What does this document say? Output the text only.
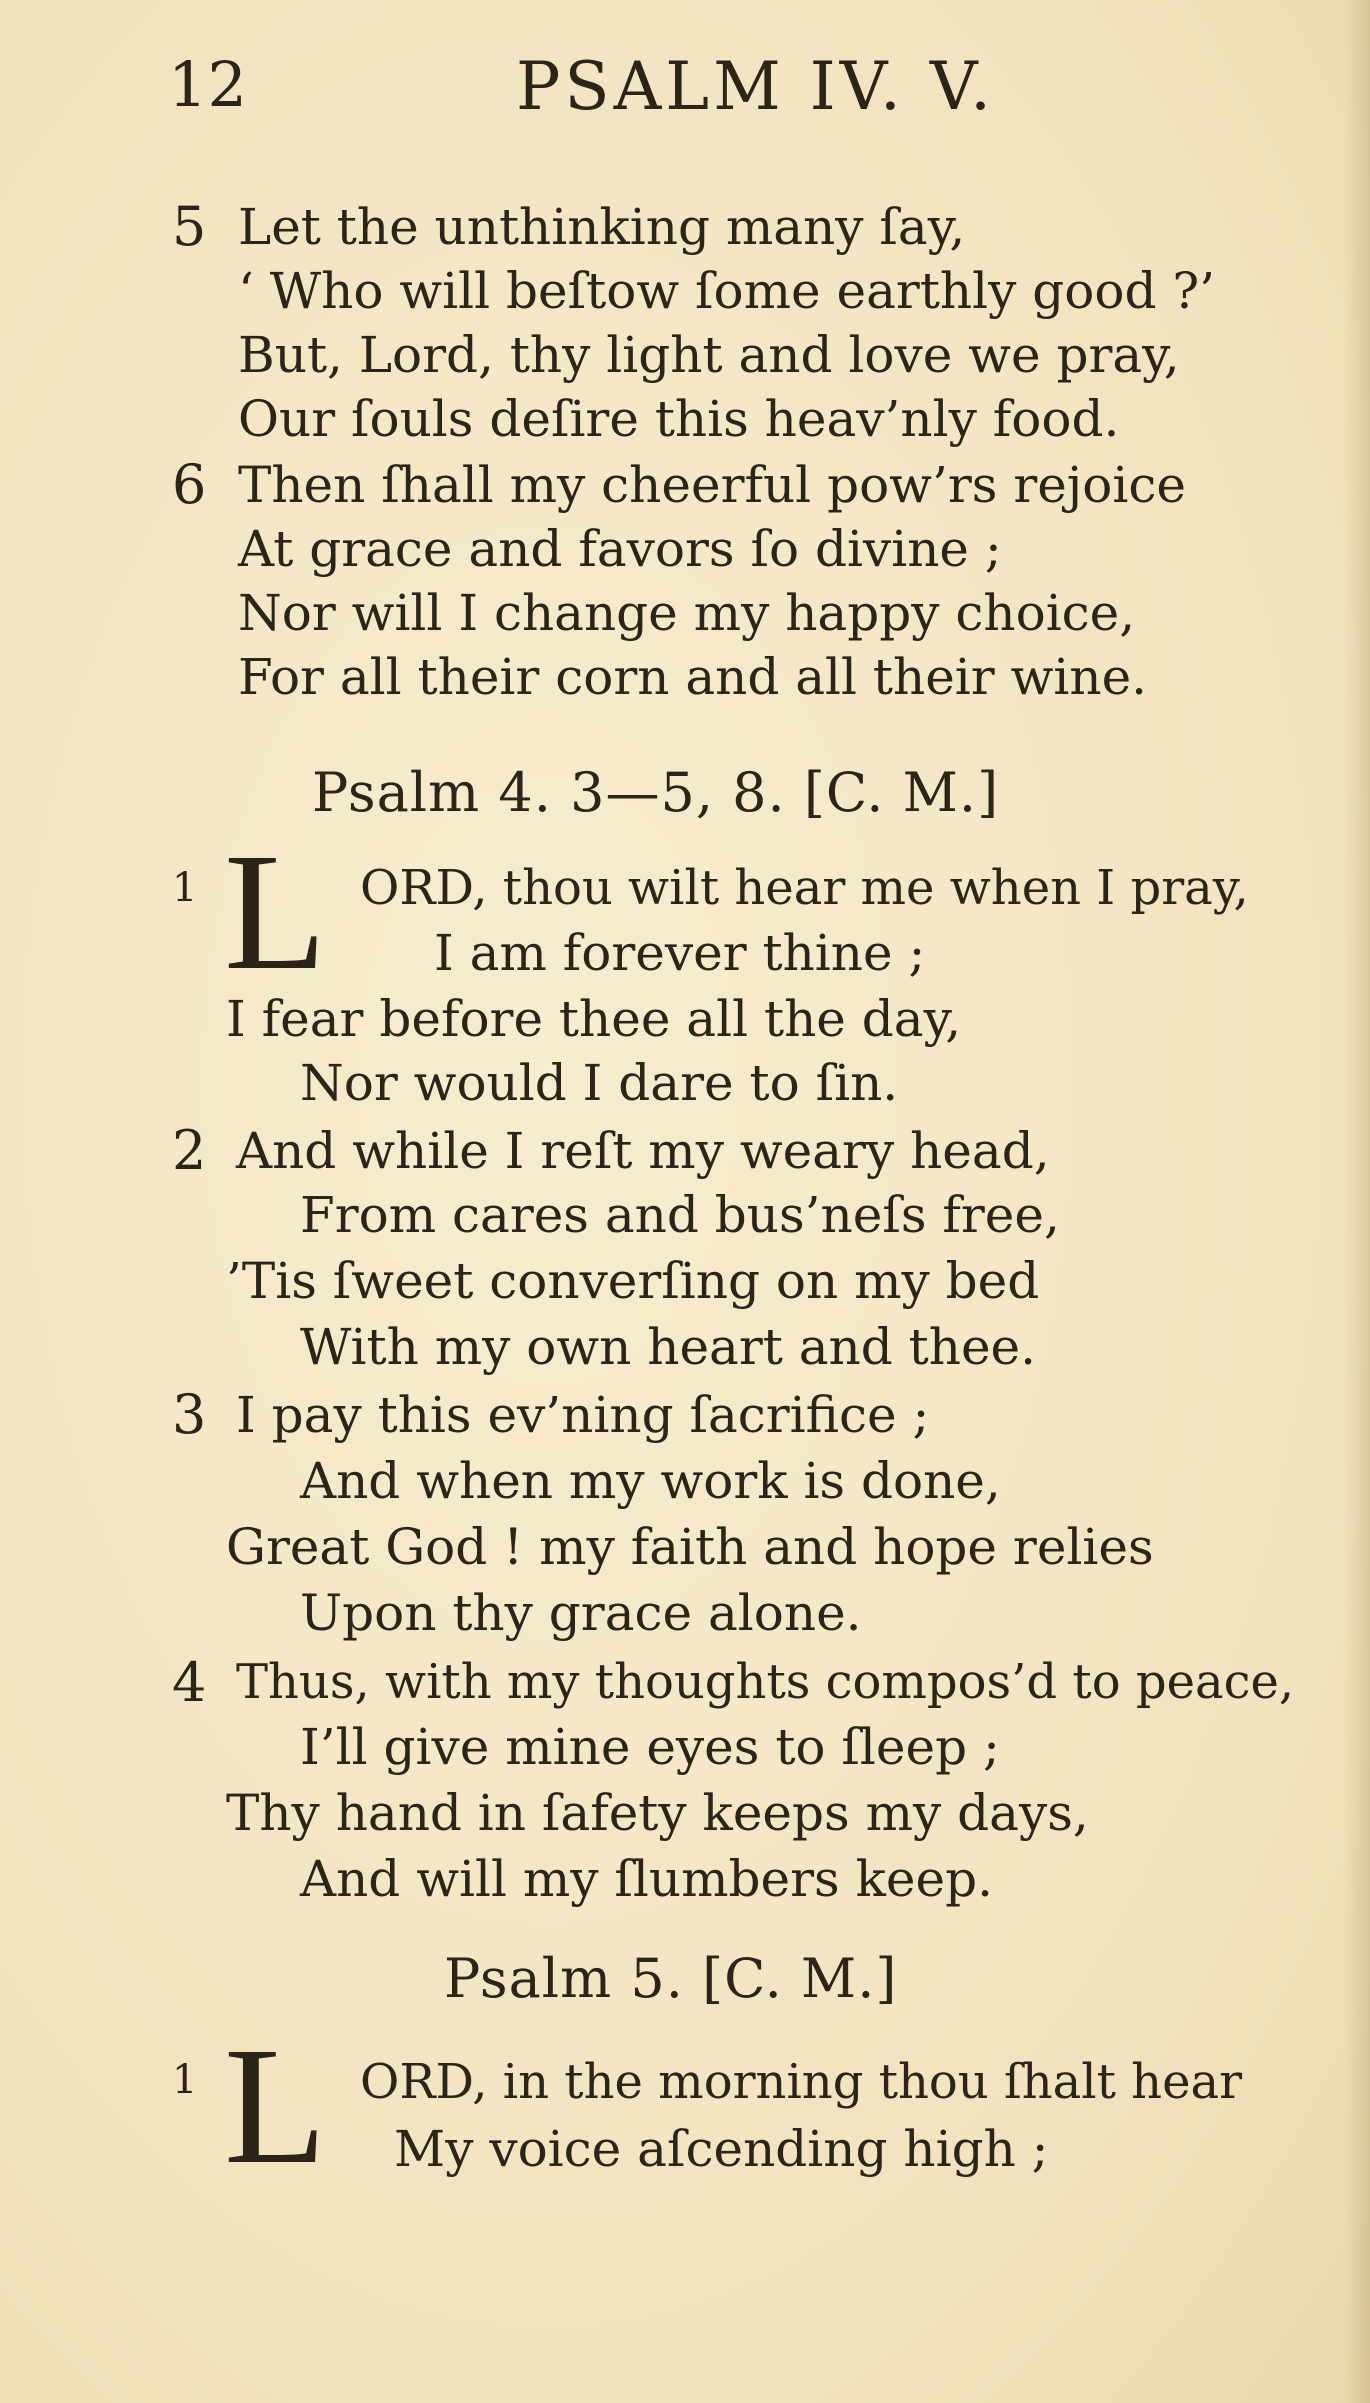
12	PSALM IV. V.
5 Let the unthinking many ſay,
‘ Who will beſtow ſome earthly good ?’
But, Lord, thy light and love we pray,
Our ſouls deſire this heav’nly food.
6 Then ſhall my cheerful pow’rs rejoice
At grace and favors ſo divine ;
Nor will I change my happy choice,
For all their corn and all their wine.
Psalm 4. 3—5, 8. [C. M.]
1 L ORD, thou wilt hear me when I pray,
I am forever thine ;
I fear before thee all the day,
Nor would I dare to ſin.
2 And while I reſt my weary head,
From cares and bus’neſs free,
’Tis ſweet converſing on my bed
With my own heart and thee.
3 I pay this ev’ning ſacrifice ;
And when my work is done,
Great God ! my faith and hope relies
Upon thy grace alone.
4 Thus, with my thoughts compos’d to peace,
I’ll give mine eyes to ſleep ;
Thy hand in ſafety keeps my days,
And will my ſlumbers keep.
Psalm 5. [C. M.]
1 L ORD, in the morning thou ſhalt hear
My voice aſcending high ;
